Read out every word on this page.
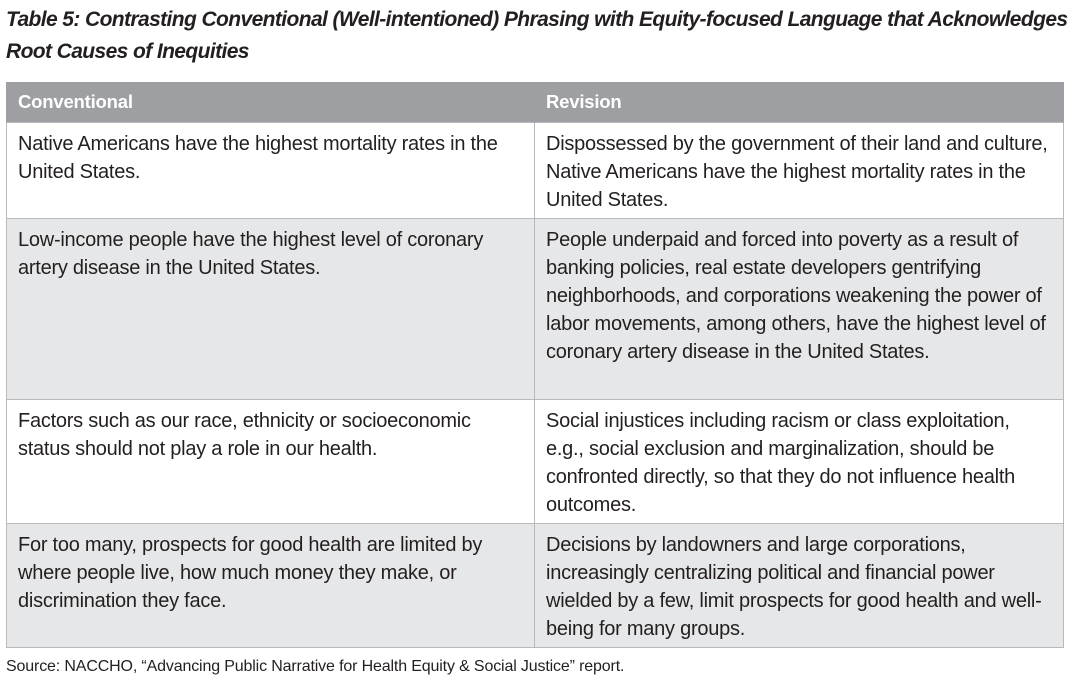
Table 5: Contrasting Conventional (Well-intentioned) Phrasing with Equity-focused Language that Acknowledges Root Causes of Inequities
Conventional	Revision
Native Americans have the highest mortality rates in the United States.	Dispossessed by the government of their land and culture, Native Americans have the highest mortality rates in the United States.
Low-income people have the highest level of coronary artery disease in the United States.	People underpaid and forced into poverty as a result of banking policies, real estate developers gentrifying neighborhoods, and corporations weakening the power of labor movements, among others, have the highest level of coronary artery disease in the United States.
Factors such as our race, ethnicity or socioeconomic status should not play a role in our health.	Social injustices including racism or class exploitation, e.g., social exclusion and marginalization, should be confronted directly, so that they do not influence health outcomes.
For too many, prospects for good health are limited by where people live, how much money they make, or discrimination they face.	Decisions by landowners and large corporations, increasingly centralizing political and financial power wielded by a few, limit prospects for good health and well-being for many groups.
Source: NACCHO, “Advancing Public Narrative for Health Equity & Social Justice” report.
